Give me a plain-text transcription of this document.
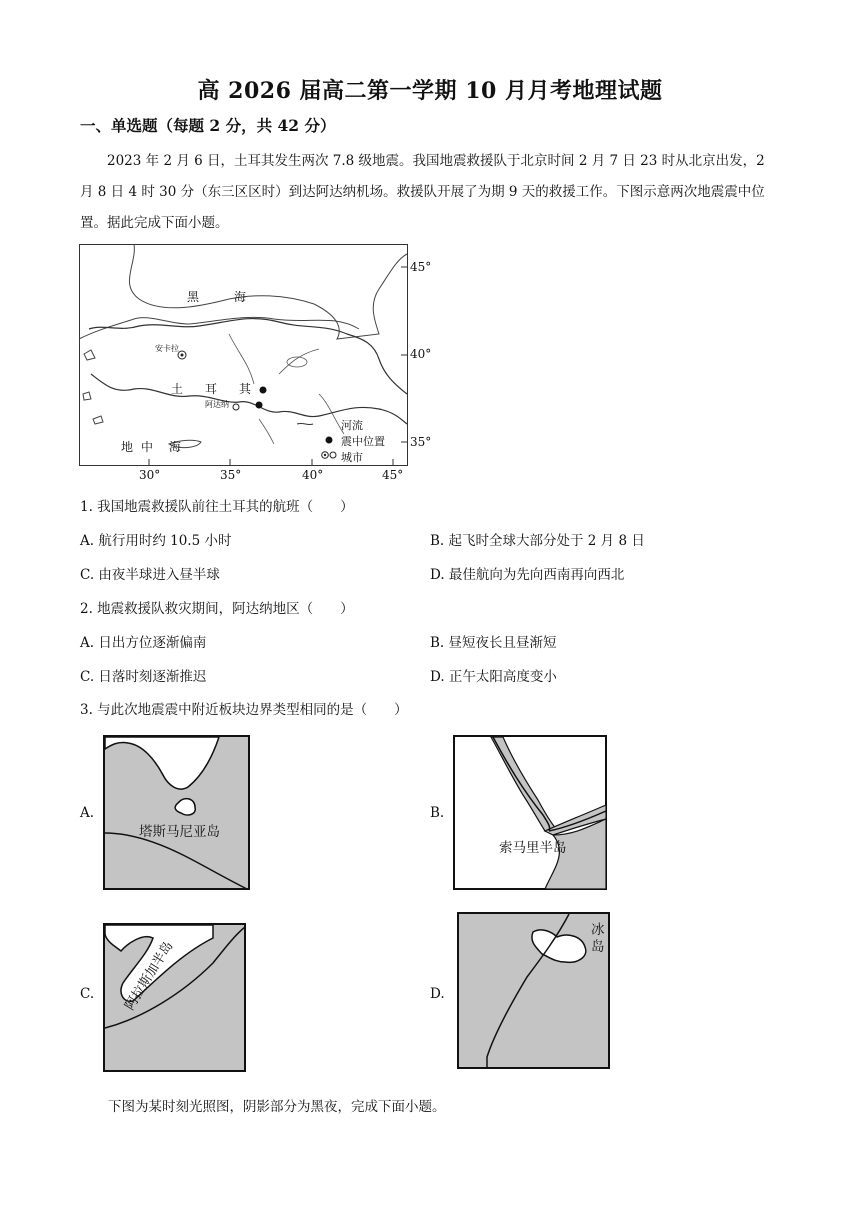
高 2026 届高二第一学期 10 月月考地理试题
一、单选题（每题 2 分，共 42 分）
2023 年 2 月 6 日，土耳其发生两次 7.8 级地震。我国地震救援队于北京时间 2 月 7 日 23 时从北京出发，2 月 8 日 4 时 30 分（东三区区时）到达阿达纳机场。救援队开展了为期 9 天的救援工作。下图示意两次地震震中位置。据此完成下面小题。
黑	海
安卡拉
土 耳 其
阿达纳
地 中 海
河流
震中位置
城市
45°
40°
35°
30°	35°	40°	45°
1. 我国地震救援队前往土耳其的航班（　　）
A. 航行用时约 10.5 小时	B. 起飞时全球大部分处于 2 月 8 日
C. 由夜半球进入昼半球	D. 最佳航向为先向西南再向西北
2. 地震救援队救灾期间，阿达纳地区（　　）
A. 日出方位逐渐偏南	B. 昼短夜长且昼渐短
C. 日落时刻逐渐推迟	D. 正午太阳高度变小
3. 与此次地震震中附近板块边界类型相同的是（　　）
A.
塔斯马尼亚岛
B.
索马里半岛
C. 阿拉斯加半岛	D.
冰岛
下图为某时刻光照图，阴影部分为黑夜，完成下面小题。
